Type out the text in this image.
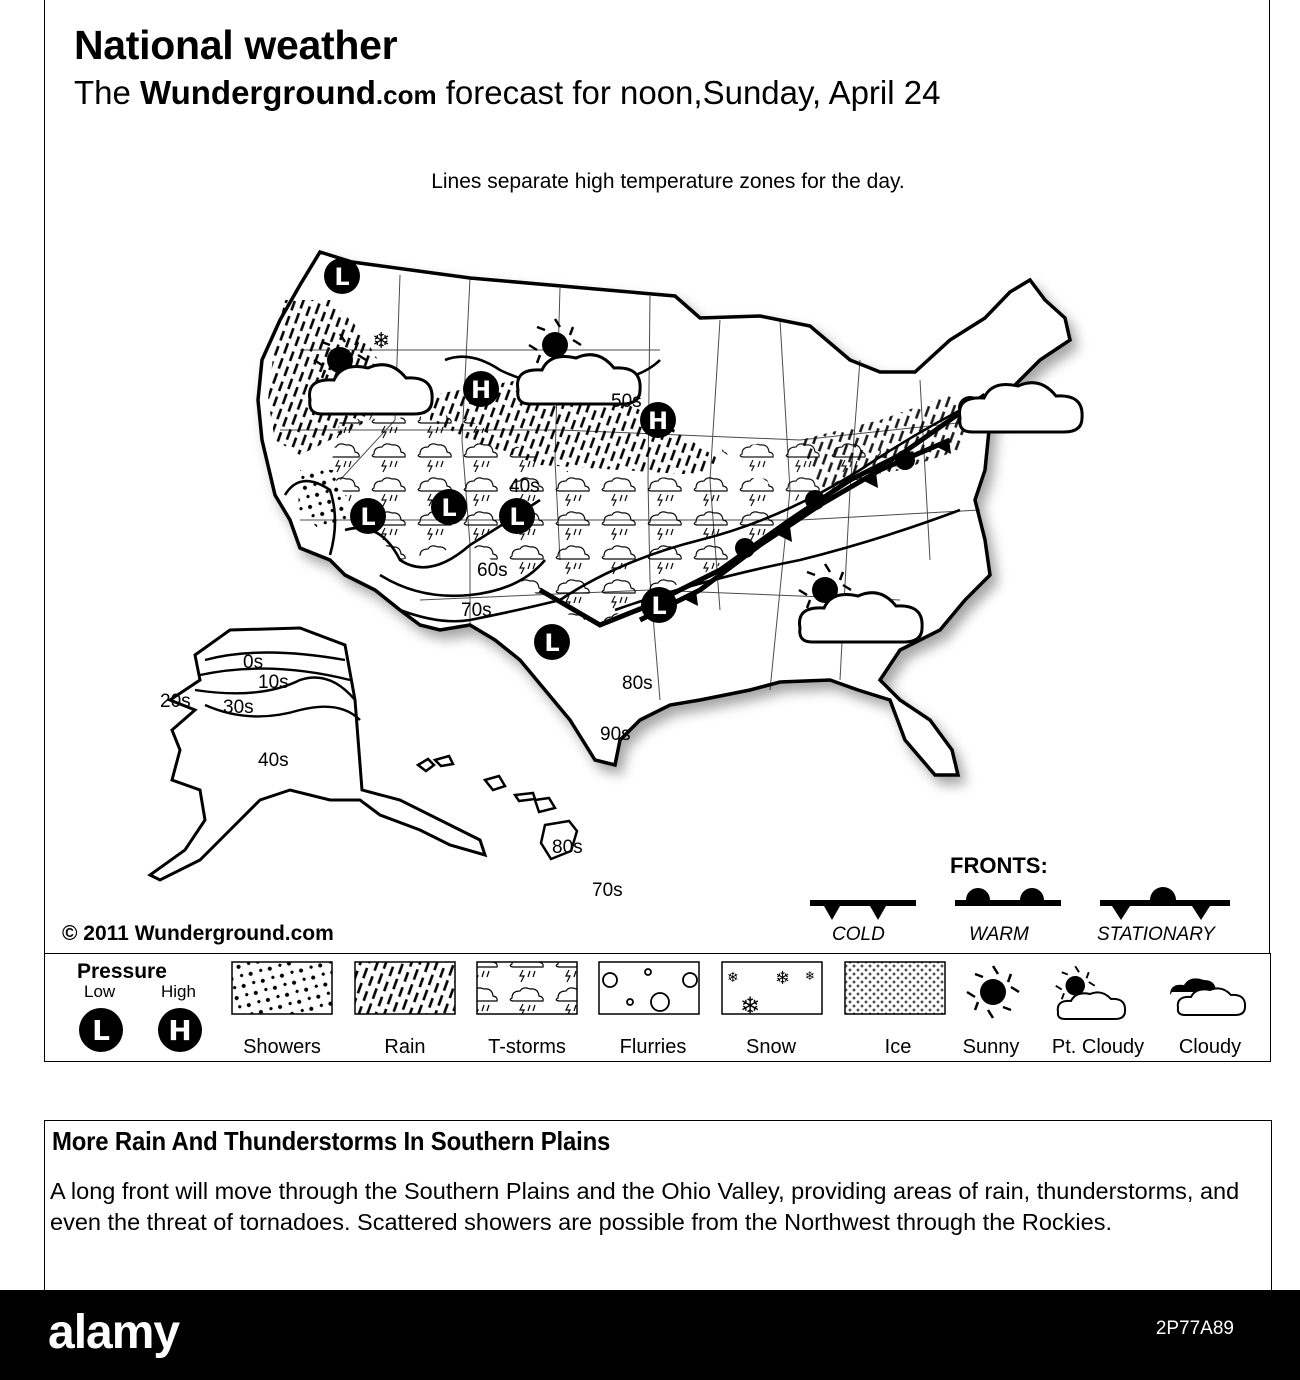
National weather
The Wunderground.com forecast for noon,Sunday, April 24
Lines separate high temperature zones for the day.
❄
L
H
H
L	L L
L
L
50s
40s
60s
70s
80s
90s
0s
10s
20s 30s
40s
80s
70s
© 2011 Wunderground.com
FRONTS:
COLD	WARM	STATIONARY
Pressure
Low	High
L H
❄ ❄
❄
❄
Showers	Rain	T-storms	Flurries	Snow	Ice	Sunny	Pt. Cloudy	Cloudy
More Rain And Thunderstorms In Southern Plains
A long front will move through the Southern Plains and the Ohio Valley, providing areas of rain, thunderstorms, and even the threat of tornadoes. Scattered showers are possible from the Northwest through the Rockies.
alamy	2P77A89
